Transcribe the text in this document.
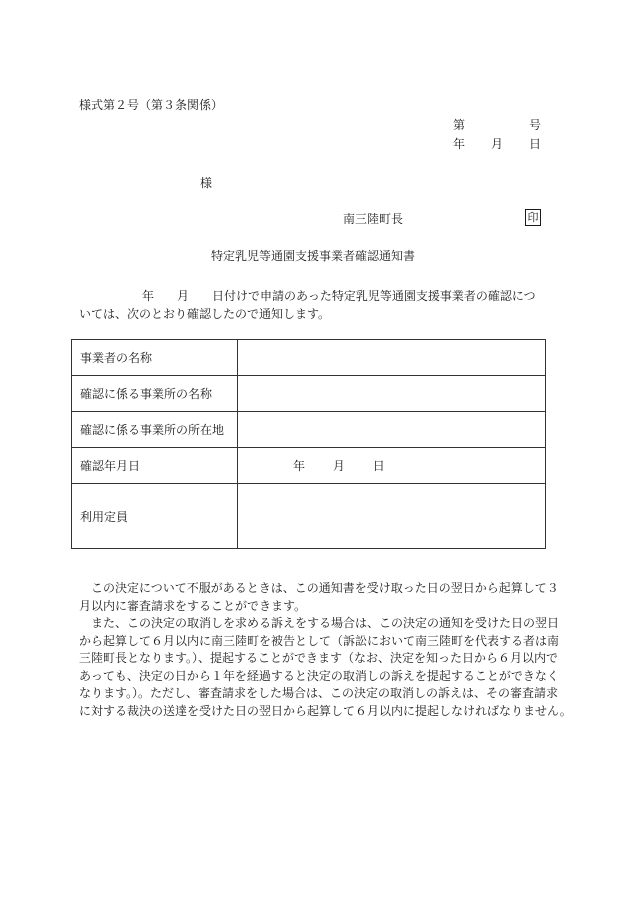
様式第２号（第３条関係）
第	号
年 月 日
様
南三陸町長	印
特定乳児等通園支援事業者確認通知書
年 月 日付けで申請のあった特定乳児等通園支援事業者の確認につ
いては、次のとおり確認したので通知します。
事業者の名称	
確認に係る事業所の名称	
確認に係る事業所の所在地	
確認年月日	年 月 日
利用定員	
　この決定について不服があるときは、この通知書を受け取った日の翌日から起算して３
月以内に審査請求をすることができます。
　また、この決定の取消しを求める訴えをする場合は、この決定の通知を受けた日の翌日
から起算して６月以内に南三陸町を被告として（訴訟において南三陸町を代表する者は南
三陸町長となります。）、提起することができます（なお、決定を知った日から６月以内で
あっても、決定の日から１年を経過すると決定の取消しの訴えを提起することができなく
なります。）。ただし、審査請求をした場合は、この決定の取消しの訴えは、その審査請求
に対する裁決の送達を受けた日の翌日から起算して６月以内に提起しなければなりません。
